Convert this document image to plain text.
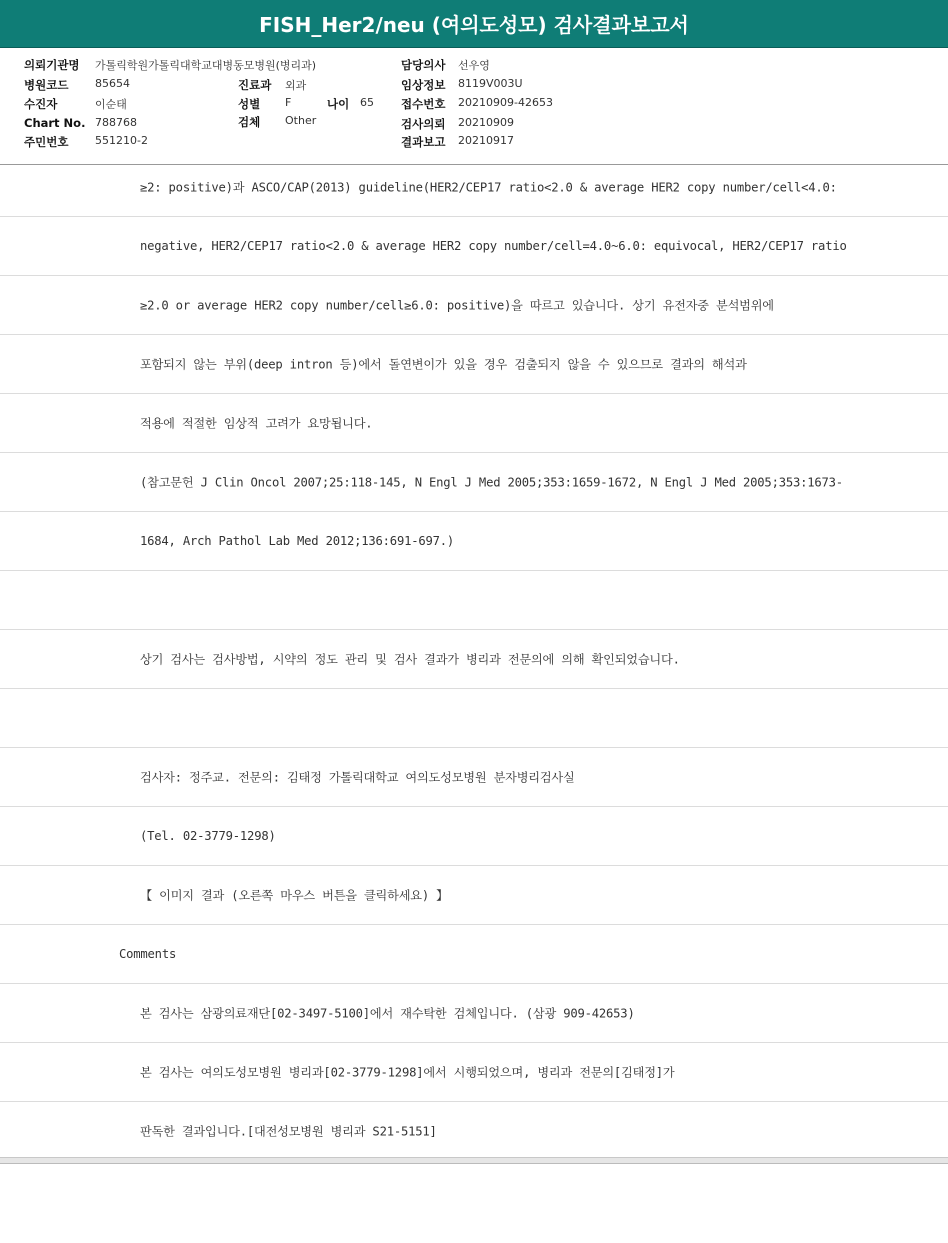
FISH_Her2/neu (여의도성모) 검사결과보고서
의뢰기관명 가톨릭학원가톨릭대학교대병동모병원(병리과)
병원코드 85654
수진자	이순태
Chart No. 788768
주민번호 551210-2
진료과 외과
성별 F	나이 65
검체 Other
담당의사 선우영
임상정보 8119V003U
접수번호 20210909-42653
검사의뢰 20210909
결과보고 20210917
≥2: positive)과 ASCO/CAP(2013) guideline(HER2/CEP17 ratio<2.0 & average HER2 copy number/cell<4.0:
negative, HER2/CEP17 ratio<2.0 & average HER2 copy number/cell=4.0~6.0: equivocal, HER2/CEP17 ratio
≥2.0 or average HER2 copy number/cell≥6.0: positive)을 따르고 있습니다. 상기 유전자중 분석범위에
포함되지 않는 부위(deep intron 등)에서 돌연변이가 있을 경우 검출되지 않을 수 있으므로 결과의 해석과
적용에 적절한 임상적 고려가 요망됩니다.
(참고문헌 J Clin Oncol 2007;25:118-145, N Engl J Med 2005;353:1659-1672, N Engl J Med 2005;353:1673-
1684, Arch Pathol Lab Med 2012;136:691-697.)
상기 검사는 검사방법, 시약의 정도 관리 및 검사 결과가 병리과 전문의에 의해 확인되었습니다.
검사자: 정주교. 전문의: 김태정 가톨릭대학교 여의도성모병원 분자병리검사실
(Tel. 02-3779-1298)
【 이미지 결과 (오른쪽 마우스 버튼을 클릭하세요) 】
Comments
본 검사는 삼광의료재단[02-3497-5100]에서 재수탁한 검체입니다. (삼광 909-42653)
본 검사는 여의도성모병원 병리과[02-3779-1298]에서 시행되었으며, 병리과 전문의[김태정]가
판독한 결과입니다.[대전성모병원 병리과 S21-5151]
